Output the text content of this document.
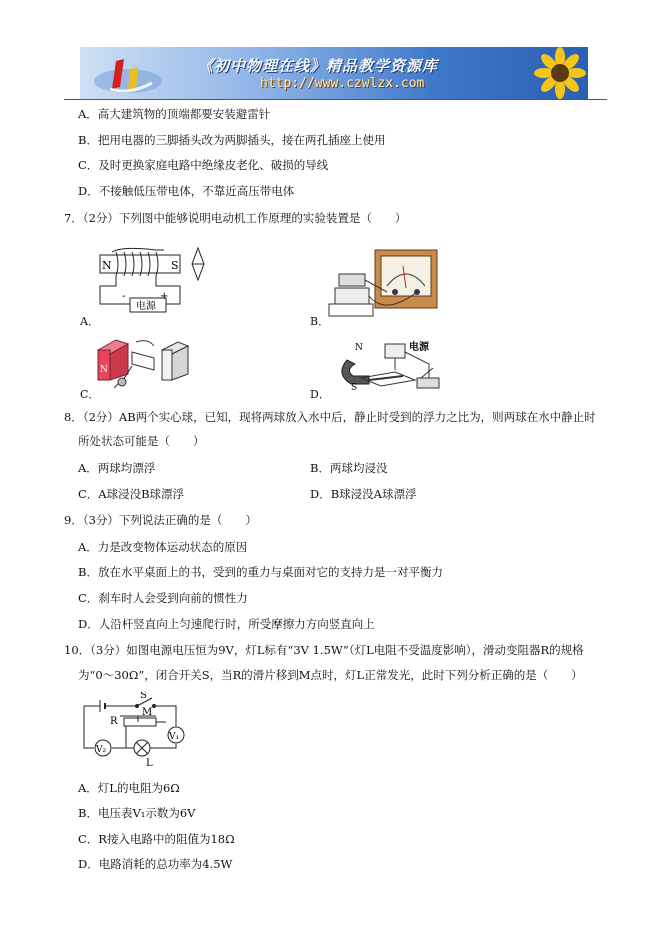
《初中物理在线》精品教学资源库
http://www.czwlzx.com
A．高大建筑物的顶端都要安装避雷针
B．把用电器的三脚插头改为两脚插头，接在两孔插座上使用
C．及时更换家庭电路中绝缘皮老化、破损的导线
D．不接触低压带电体，不靠近高压带电体
7．（2分）下列图中能够说明电动机工作原理的实验装置是（　　）
N	S
电源
-	+
A．	B．
N
C．
N
S
电源
D．
8．（2分）AB两个实心球，已知，现将两球放入水中后，静止时受到的浮力之比为，则两球在水中静止时
所处状态可能是（　　）
A．两球均漂浮	B．两球均浸没
C．A球浸没B球漂浮	D．B球浸没A球漂浮
9．（3分）下列说法正确的是（　　）
A．力是改变物体运动状态的原因
B．放在水平桌面上的书，受到的重力与桌面对它的支持力是一对平衡力
C．刹车时人会受到向前的惯性力
D．人沿杆竖直向上匀速爬行时，所受摩擦力方向竖直向上
10．（3分）如图电源电压恒为9V，灯L标有“3V 1.5W”（灯L电阻不受温度影响），滑动变阻器R的规格
为“0～30Ω”，闭合开关S，当R的滑片移到M点时，灯L正常发光，此时下列分析正确的是（　　）
V₂
V₁
S
M
R
L
A．灯L的电阻为6Ω
B．电压表V₁示数为6V
C．R接入电路中的阻值为18Ω
D．电路消耗的总功率为4.5W
